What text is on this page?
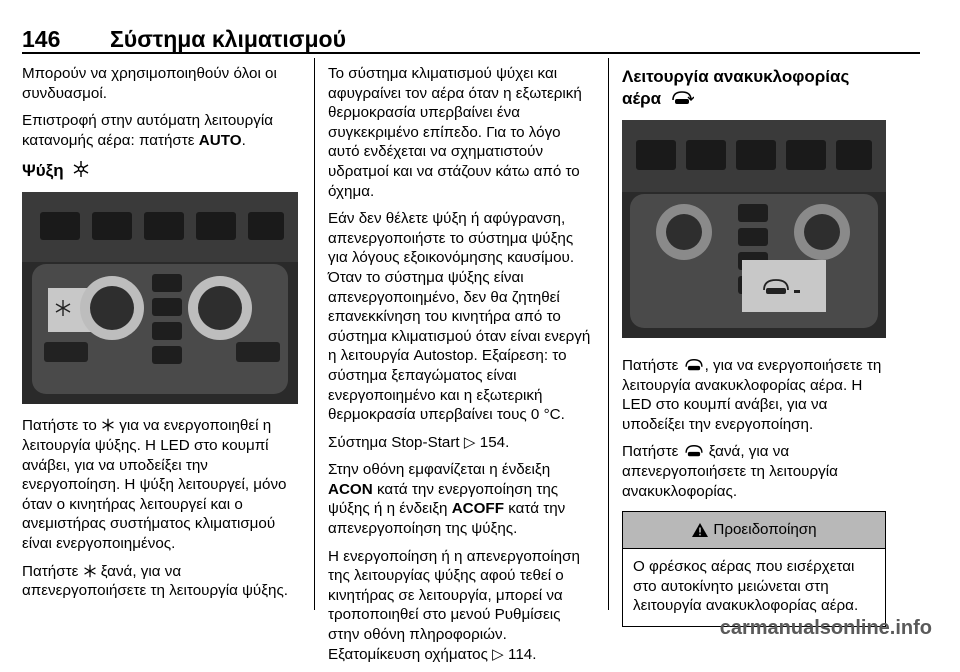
146 Σύστημα κλιματισμού

Μπορούν να χρησιμοποιηθούν όλοι οι συνδυασμοί.

Επιστροφή στην αυτόματη λειτουργία κατανομής αέρα: πατήστε AUTO.

Ψύξη

Πατήστε το  για να ενεργοποιηθεί η λειτουργία ψύξης. Η LED στο κουμπί ανάβει, για να υποδείξει την ενεργοποίηση. Η ψύξη λειτουργεί, μόνο όταν ο κινητήρας λειτουργεί και ο ανεμιστήρας συστήματος κλιματισμού είναι ενεργοποιημένος.

Πατήστε  ξανά, για να απενεργοποιήσετε τη λειτουργία ψύξης.

Το σύστημα κλιματισμού ψύχει και αφυγραίνει τον αέρα όταν η εξωτερική θερμοκρασία υπερβαίνει ένα συγκεκριμένο επίπεδο. Για το λόγο αυτό ενδέχεται να σχηματιστούν υδρατμοί και να στάζουν κάτω από το όχημα.

Εάν δεν θέλετε ψύξη ή αφύγρανση, απενεργοποιήστε το σύστημα ψύξης για λόγους εξοικονόμησης καυσίμου. Όταν το σύστημα ψύξης είναι απενεργοποιημένο, δεν θα ζητηθεί επανεκκίνηση του κινητήρα από το σύστημα κλιματισμού όταν είναι ενεργή η λειτουργία Autostop. Εξαίρεση: το σύστημα ξεπαγώματος είναι ενεργοποιημένο και η εξωτερική θερμοκρασία υπερβαίνει τους 0 °C.

Σύστημα Stop-Start ▷ 154.

Στην οθόνη εμφανίζεται η ένδειξη ACON κατά την ενεργοποίηση της ψύξης ή η ένδειξη ACOFF κατά την απενεργοποίηση της ψύξης.

Η ενεργοποίηση ή η απενεργοποίηση της λειτουργίας ψύξης αφού τεθεί ο κινητήρας σε λειτουργία, μπορεί να τροποποιηθεί στο μενού Ρυθμίσεις στην οθόνη πληροφοριών. Εξατομίκευση οχήματος ▷ 114.

Λειτουργία ανακυκλοφορίας αέρα

Πατήστε , για να ενεργοποιήσετε τη λειτουργία ανακυκλοφορίας αέρα. Η LED στο κουμπί ανάβει, για να υποδείξει την ενεργοποίηση.

Πατήστε  ξανά, για να απενεργοποιήσετε τη λειτουργία ανακυκλοφορίας.

Προειδοποίηση
Ο φρέσκος αέρας που εισέρχεται στο αυτοκίνητο μειώνεται στη λειτουργία ανακυκλοφορίας αέρα.
carmanualsonline.info
